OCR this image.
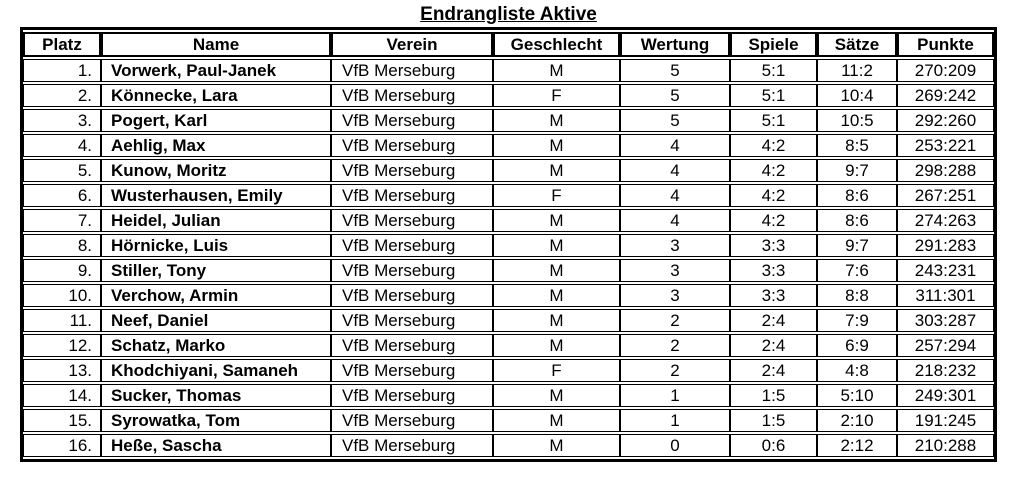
Endrangliste Aktive
Platz	Name	Verein	Geschlecht	Wertung	Spiele	Sätze	Punkte
1.	Vorwerk, Paul-Janek	VfB Merseburg	M	5	5:1	11:2	270:209
2.	Könnecke, Lara	VfB Merseburg	F	5	5:1	10:4	269:242
3.	Pogert, Karl	VfB Merseburg	M	5	5:1	10:5	292:260
4.	Aehlig, Max	VfB Merseburg	M	4	4:2	8:5	253:221
5.	Kunow, Moritz	VfB Merseburg	M	4	4:2	9:7	298:288
6.	Wusterhausen, Emily	VfB Merseburg	F	4	4:2	8:6	267:251
7.	Heidel, Julian	VfB Merseburg	M	4	4:2	8:6	274:263
8.	Hörnicke, Luis	VfB Merseburg	M	3	3:3	9:7	291:283
9.	Stiller, Tony	VfB Merseburg	M	3	3:3	7:6	243:231
10.	Verchow, Armin	VfB Merseburg	M	3	3:3	8:8	311:301
11.	Neef, Daniel	VfB Merseburg	M	2	2:4	7:9	303:287
12.	Schatz, Marko	VfB Merseburg	M	2	2:4	6:9	257:294
13.	Khodchiyani, Samaneh	VfB Merseburg	F	2	2:4	4:8	218:232
14.	Sucker, Thomas	VfB Merseburg	M	1	1:5	5:10	249:301
15.	Syrowatka, Tom	VfB Merseburg	M	1	1:5	2:10	191:245
16.	Heße, Sascha	VfB Merseburg	M	0	0:6	2:12	210:288
